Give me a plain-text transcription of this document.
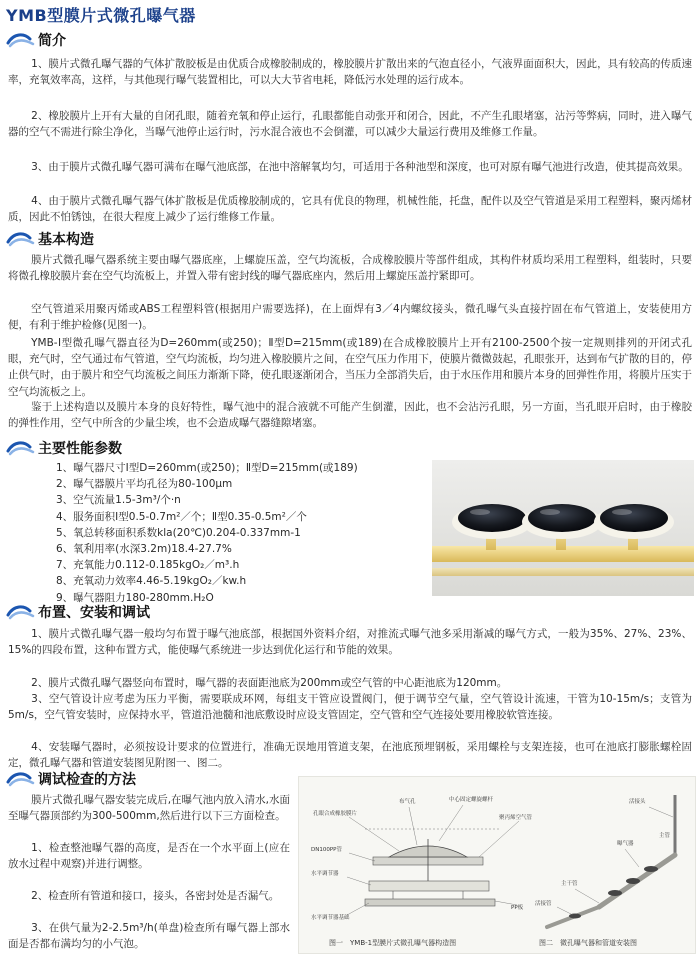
YMB型膜片式微孔曝气器
简介

1、膜片式微孔曝气器的气体扩散胶板是由优质合成橡胶制成的，橡胶膜片扩散出来的气泡直径小，气液界面面积大，因此，具有较高的传质速率，充氧效率高，这样，与其他现行曝气装置相比，可以大大节省电耗，降低污水处理的运行成本。

2、橡胶膜片上开有大量的自闭孔眼，随着充氧和停止运行，孔眼都能自动张开和闭合，因此，不产生孔眼堵塞，沾污等弊病，同时，进入曝气器的空气不需进行除尘净化，当曝气池停止运行时，污水混合液也不会倒灌，可以减少大量运行费用及维修工作量。

3、由于膜片式微孔曝气器可满布在曝气池底部，在池中溶解氧均匀，可适用于各种池型和深度，也可对原有曝气池进行改造，使其提高效果。

4、由于膜片式微孔曝气器气体扩散板是优质橡胶制成的，它具有优良的物理，机械性能，托盘，配件以及空气管道是采用工程塑料，聚丙烯材质，因此不怕锈蚀，在很大程度上减少了运行维修工作量。

基本构造

膜片式微孔曝气器系统主要由曝气器底座，上螺旋压盖，空气均流板，合成橡胶膜片等部件组成，其构件材质均采用工程塑料，组装时，只要将微孔橡胶膜片套在空气均流板上，并置入带有密封线的曝气器底座内，然后用上螺旋压盖拧紧即可。

空气管道采用聚丙烯或ABS工程塑料管(根据用户需要选择)，在上面焊有3／4内螺纹接头，微孔曝气头直接拧固在布气管道上，安装使用方便，有利于维护检修(见图一)。

YMB-Ⅰ型微孔曝气器直径为D=260mm(或250)；Ⅱ型D=215mm(或189)在合成橡胶膜片上开有2100-2500个按一定规则排列的开闭式孔眼，充气时，空气通过布气管道，空气均流板，均匀进入橡胶膜片之间，在空气压力作用下，使膜片微微鼓起，孔眼张开，达到布气扩散的目的，停止供气时，由于膜片和空气均流板之间压力渐渐下降，使孔眼逐渐闭合，当压力全部消失后，由于水压作用和膜片本身的回弹性作用，将膜片压实于空气均流板之上。

鉴于上述构造以及膜片本身的良好特性，曝气池中的混合液就不可能产生倒灌，因此，也不会沾污孔眼，另一方面，当孔眼开启时，由于橡胶的弹性作用，空气中所含的少量尘埃，也不会造成曝气器缝隙堵塞。

主要性能参数
1、曝气器尺寸Ⅰ型D=260mm(或250)；Ⅱ型D=215mm(或189)
2、曝气器膜片平均孔径为80-100μm
3、空气流量1.5-3m³/个·n
4、服务面积Ⅰ型0.5-0.7m²／个；Ⅱ型0.35-0.5m²／个
5、氧总转移面积系数kla(20℃)0.204-0.337mm-1
6、氧利用率(水深3.2m)18.4-27.7%
7、充氧能力0.112-0.185kgO₂／m³.h
8、充氧动力效率4.46-5.19kgO₂／kw.h
9、曝气器阻力180-280mm.H₂O
布置、安装和调试

1、膜片式微孔曝气器一般均匀布置于曝气池底部，根据国外资料介绍，对推流式曝气池多采用渐减的曝气方式，一般为35%、27%、23%、15%的四段布置，这种布置方式，能使曝气系统进一步达到优化运行和节能的效果。

2、膜片式微孔曝气器竖向布置时，曝气器的表面距池底为200mm或空气管的中心距池底为120mm。

3、空气管设计应考虑为压力平衡，需要联成环网，每组支干管应设置阀门，便于调节空气量，空气管设计流速，干管为10-15m/s；支管为5m/s，空气管安装时，应保持水平，管道沿池髓和池底敷设时应设支管固定，空气管和空气连接处要用橡胶软管连接。

4、安装曝气器时，必须按设计要求的位置进行，准确无误地用管道支架，在池底预埋钢板，采用螺栓与支架连接，也可在池底打膨胀螺栓固定，微孔曝气器和管道安装图见附图一、图二。

调试检查的方法

膜片式微孔曝气器安装完成后,在曝气池内放入清水,水面至曝气器顶部约为300-500mm,然后进行以下三方面检查。

1、检查整池曝气器的高度，是否在一个水平面上(应在放水过程中观察)并进行调整。

2、检查所有管道和接口，接头，各密封处是否漏气。

3、在供气量为2-2.5m³/h(单盘)检查所有曝气器上部水面是否都布满均匀的小气泡。

孔眼合成橡胶膜片
布气孔	中心固定螺旋螺杆
聚丙烯空气管
DN100PP管
水平调节器
水平调节器基础
PP板
图一　YMB-1型膜片式微孔曝气器构造图
活接头
主管
曝气器
主干管
活接管
图二　微孔曝气器和管道安装图
